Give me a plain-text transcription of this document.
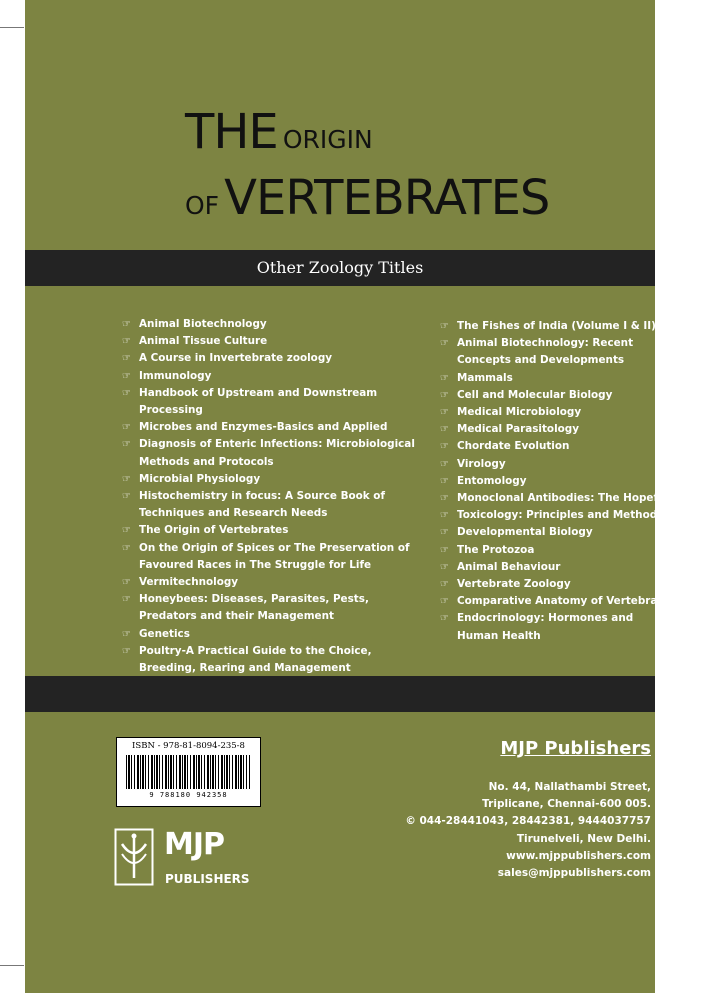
THE ORIGIN
OF VERTEBRATES
Other Zoology Titles
☞ Animal Biotechnology
☞ Animal Tissue Culture
☞ A Course in Invertebrate zoology
☞ Immunology
☞ Handbook of Upstream and Downstream Processing
☞ Microbes and Enzymes-Basics and Applied
☞ Diagnosis of Enteric Infections: Microbiological Methods and Protocols
☞ Microbial Physiology
☞ Histochemistry in focus: A Source Book of Techniques and Research Needs
☞ The Origin of Vertebrates
☞ On the Origin of Spices or The Preservation of Favoured Races in The Struggle for Life
☞ Vermitechnology
☞ Honeybees: Diseases, Parasites, Pests, Predators and their Management
☞ Genetics
☞ Poultry-A Practical Guide to the Choice, Breeding, Rearing and Management
☞ The Fishes of India (Volume I & II)
☞ Animal Biotechnology: Recent Concepts and Developments
☞ Mammals
☞ Cell and Molecular Biology
☞ Medical Microbiology
☞ Medical Parasitology
☞ Chordate Evolution
☞ Virology
☞ Entomology
☞ Monoclonal Antibodies: The Hopeful Drugs
☞ Toxicology: Principles and Methods
☞ Developmental Biology
☞ The Protozoa
☞ Animal Behaviour
☞ Vertebrate Zoology
☞ Comparative Anatomy of Vertebrates
☞ Endocrinology: Hormones and Human Health
ISBN - 978-81-8094-235-8
9 788180 942358
MJP
PUBLISHERS
MJP Publishers
No. 44, Nallathambi Street,
Triplicane, Chennai-600 005.
© 044-28441043, 28442381, 9444037757
Tirunelveli, New Delhi.
www.mjppublishers.com
sales@mjppublishers.com
